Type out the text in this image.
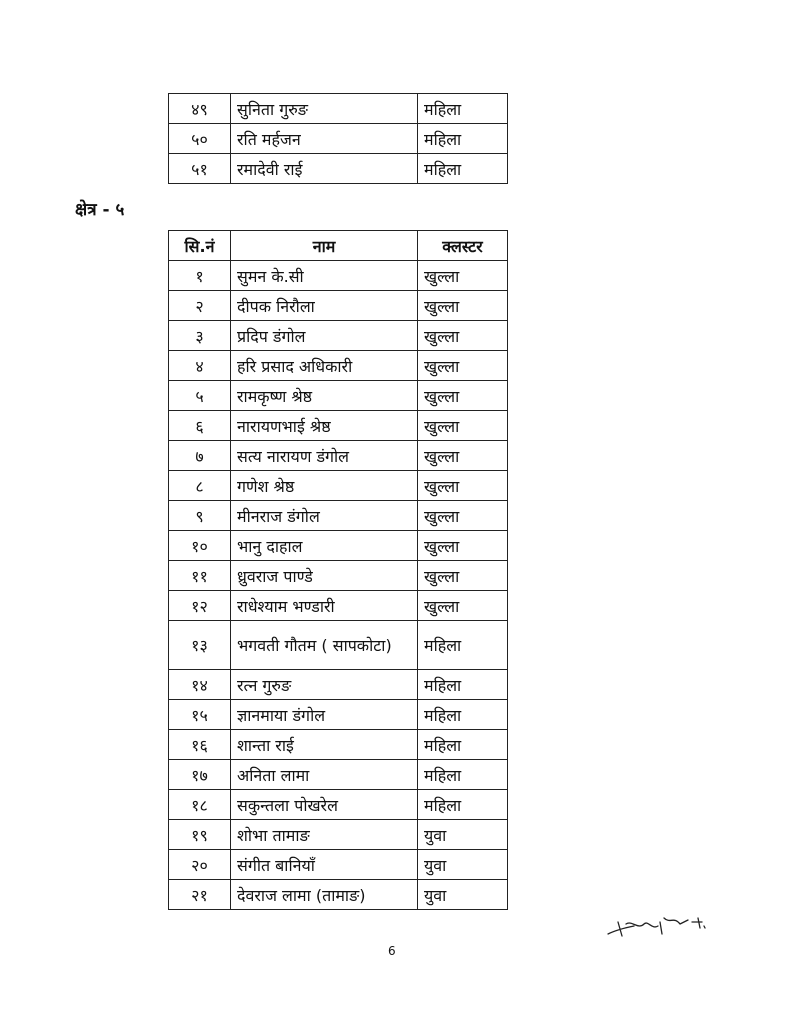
४९	सुनिता गुरुङ	महिला
५०	रति मर्हजन	महिला
५१	रमादेवी राई	महिला
क्षेत्र - ५
सि.नं	नाम	क्लस्टर
१	सुमन के.सी	खुल्ला
२	दीपक निरौला	खुल्ला
३	प्रदिप डंगोल	खुल्ला
४	हरि प्रसाद अधिकारी	खुल्ला
५	रामकृष्ण श्रेष्ठ	खुल्ला
६	नारायणभाई श्रेष्ठ	खुल्ला
७	सत्य नारायण डंगोल	खुल्ला
८	गणेश श्रेष्ठ	खुल्ला
९	मीनराज डंगोल	खुल्ला
१०	भानु दाहाल	खुल्ला
११	ध्रुवराज पाण्डे	खुल्ला
१२	राधेश्याम भण्डारी	खुल्ला
१३	भगवती गौतम ( सापकोटा)	महिला
१४	रत्न गुरुङ	महिला
१५	ज्ञानमाया डंगोल	महिला
१६	शान्ता राई	महिला
१७	अनिता लामा	महिला
१८	सकुन्तला पोखरेल	महिला
१९	शोभा तामाङ	युवा
२०	संगीत बानियाँ	युवा
२१	देवराज लामा (तामाङ)	युवा
6
